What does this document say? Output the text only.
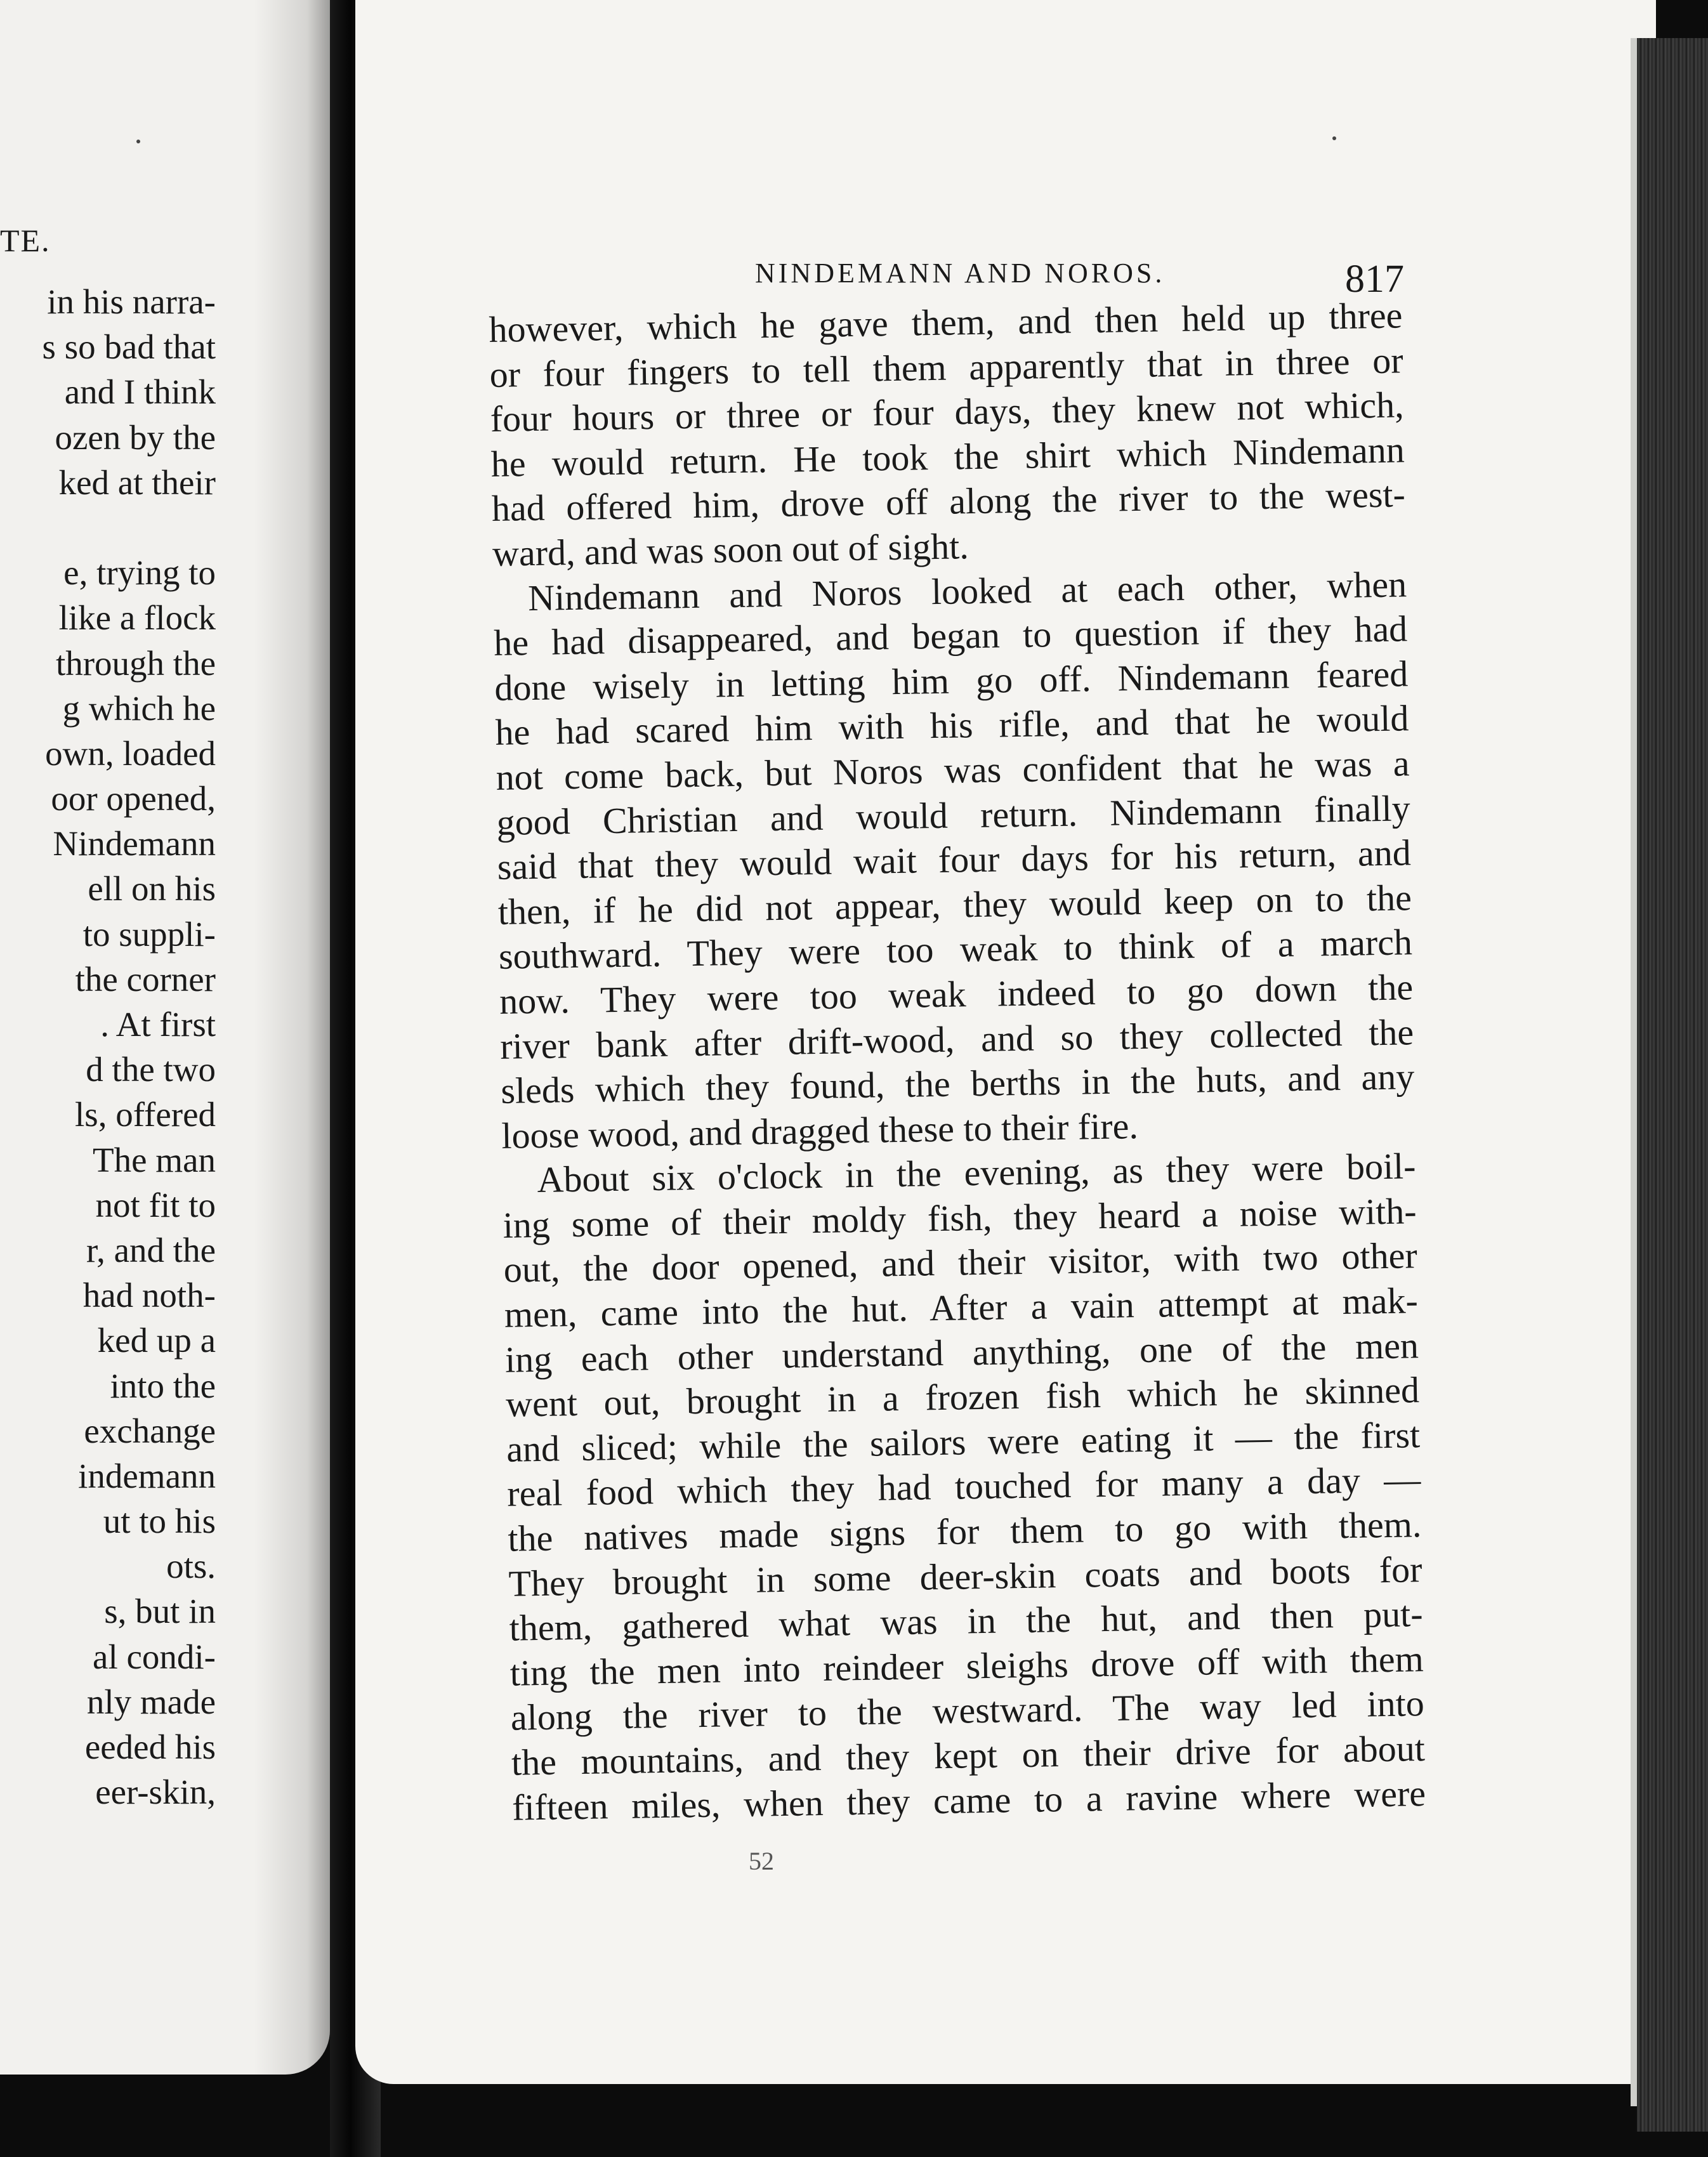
TE.
in his narra-
s so bad that
and I think
ozen by the
ked at their
e, trying to
like a flock
through the
g which he
own, loaded
oor opened,
Nindemann
ell on his
to suppli-
the corner
. At first
d the two
ls, offered
The man
not fit to
r, and the
had noth-
ked up a
into the
exchange
indemann
ut to his
ots.
s, but in
al condi-
nly made
eeded his
eer-skin,
NINDEMANN AND NOROS.	817
however, which he gave them, and then held up three
or four fingers to tell them apparently that in three or
four hours or three or four days, they knew not which,
he would return. He took the shirt which Nindemann
had offered him, drove off along the river to the west-
ward, and was soon out of sight.
Nindemann and Noros looked at each other, when
he had disappeared, and began to question if they had
done wisely in letting him go off. Nindemann feared
he had scared him with his rifle, and that he would
not come back, but Noros was confident that he was a
good Christian and would return. Nindemann finally
said that they would wait four days for his return, and
then, if he did not appear, they would keep on to the
southward. They were too weak to think of a march
now. They were too weak indeed to go down the
river bank after drift-wood, and so they collected the
sleds which they found, the berths in the huts, and any
loose wood, and dragged these to their fire.
About six o'clock in the evening, as they were boil-
ing some of their moldy fish, they heard a noise with-
out, the door opened, and their visitor, with two other
men, came into the hut. After a vain attempt at mak-
ing each other understand anything, one of the men
went out, brought in a frozen fish which he skinned
and sliced; while the sailors were eating it — the first
real food which they had touched for many a day —
the natives made signs for them to go with them.
They brought in some deer-skin coats and boots for
them, gathered what was in the hut, and then put-
ting the men into reindeer sleighs drove off with them
along the river to the westward. The way led into
the mountains, and they kept on their drive for about
fifteen miles, when they came to a ravine where were
52
